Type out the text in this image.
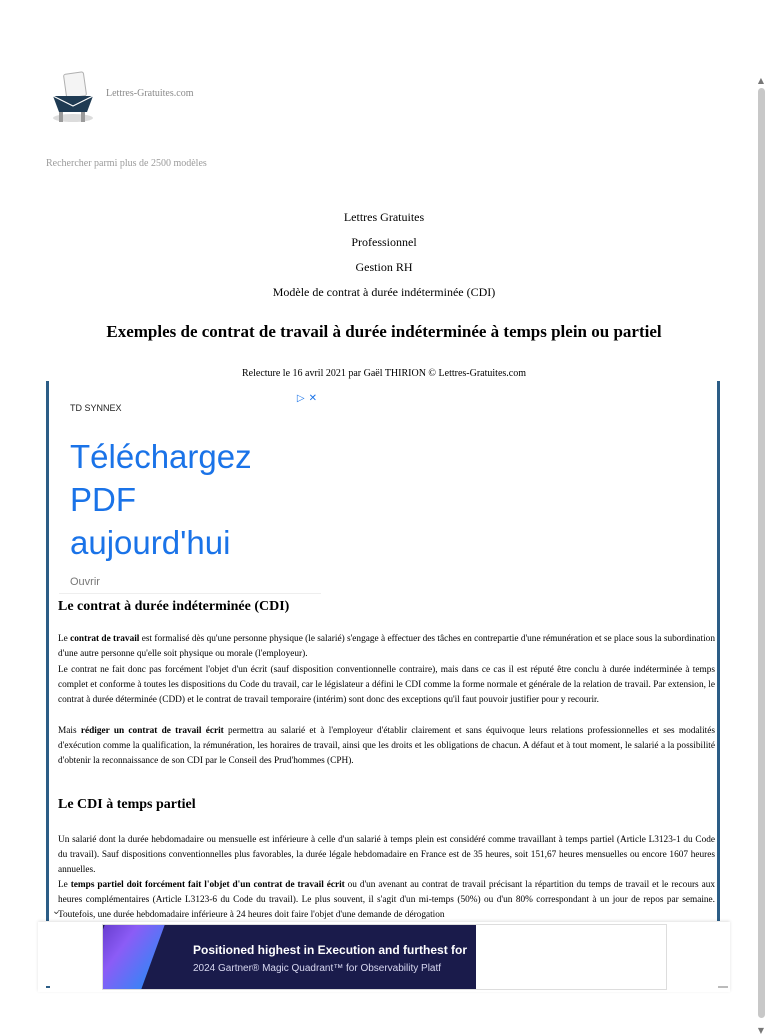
▲
▼
Lettres-Gratuites.com
Rechercher parmi plus de 2500 modèles
Lettres Gratuites
Professionnel
Gestion RH
Modèle de contrat à durée indéterminée (CDI)
Exemples de contrat de travail à durée indéterminée à temps plein ou partiel
Relecture le 16 avril 2021 par Gaël THIRION © Lettres-Gratuites.com
TD SYNNEX
▷ ✕
Téléchargez
PDF
aujourd'hui
Ouvrir
Le contrat à durée indéterminée (CDI)
Le contrat de travail est formalisé dès qu'une personne physique (le salarié) s'engage à effectuer des tâches en contrepartie d'une rémunération et se place sous la subordination d'une autre personne qu'elle soit physique ou morale (l'employeur).
Le contrat ne fait donc pas forcément l'objet d'un écrit (sauf disposition conventionnelle contraire), mais dans ce cas il est réputé être conclu à durée indéterminée à temps complet et conforme à toutes les dispositions du Code du travail, car le législateur a défini le CDI comme la forme normale et générale de la relation de travail. Par extension, le contrat à durée déterminée (CDD) et le contrat de travail temporaire (intérim) sont donc des exceptions qu'il faut pouvoir justifier pour y recourir.
Mais rédiger un contrat de travail écrit permettra au salarié et à l'employeur d'établir clairement et sans équivoque leurs relations professionnelles et ses modalités d'exécution comme la qualification, la rémunération, les horaires de travail, ainsi que les droits et les obligations de chacun. A défaut et à tout moment, le salarié a la possibilité d'obtenir la reconnaissance de son CDI par le Conseil des Prud'hommes (CPH).
Le CDI à temps partiel
Un salarié dont la durée hebdomadaire ou mensuelle est inférieure à celle d'un salarié à temps plein est considéré comme travaillant à temps partiel (Article L3123-1 du Code du travail). Sauf dispositions conventionnelles plus favorables, la durée légale hebdomadaire en France est de 35 heures, soit 151,67 heures mensuelles ou encore 1607 heures annuelles.
Le temps partiel doit forcément fait l'objet d'un contrat de travail écrit ou d'un avenant au contrat de travail précisant la répartition du temps de travail et le recours aux heures complémentaires (Article L3123-6 du Code du travail). Le plus souvent, il s'agit d'un mi-temps (50%) ou d'un 80% correspondant à un jour de repos par semaine. Toutefois, une durée hebdomadaire inférieure à 24 heures doit faire l'objet d'une demande de dérogation
⌄
Positioned highest in Execution and furthest for
2024 Gartner® Magic Quadrant™ for Observability Platf
